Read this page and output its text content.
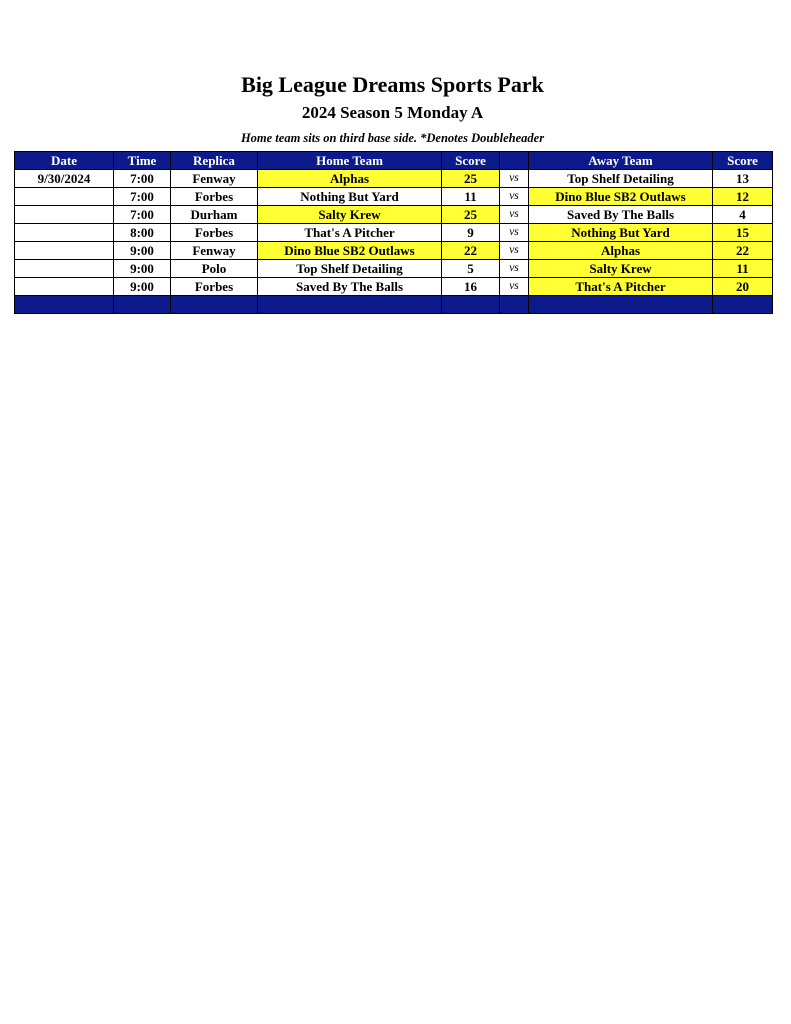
Big League Dreams Sports Park
2024 Season 5 Monday A
Home team sits on third base side. *Denotes Doubleheader
Date	Time	Replica	Home Team	Score		Away Team	Score
9/30/2024	7:00	Fenway	Alphas	25	vs	Top Shelf Detailing	13
	7:00	Forbes	Nothing But Yard	11	vs	Dino Blue SB2 Outlaws	12
	7:00	Durham	Salty Krew	25	vs	Saved By The Balls	4
	8:00	Forbes	That's A Pitcher	9	vs	Nothing But Yard	15
	9:00	Fenway	Dino Blue SB2 Outlaws	22	vs	Alphas	22
	9:00	Polo	Top Shelf Detailing	5	vs	Salty Krew	11
	9:00	Forbes	Saved By The Balls	16	vs	That's A Pitcher	20
